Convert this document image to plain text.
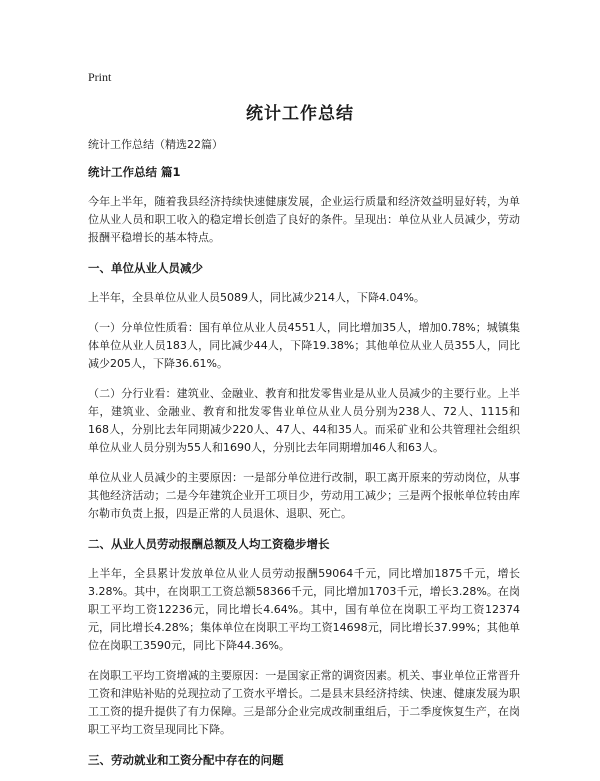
Print
统计工作总结

统计工作总结（精选22篇）

统计工作总结 篇1

今年上半年，随着我县经济持续快速健康发展，企业运行质量和经济效益明显好转，为单位从业人员和职工收入的稳定增长创造了良好的条件。呈现出：单位从业人员减少，劳动报酬平稳增长的基本特点。

一、单位从业人员减少

上半年，全县单位从业人员5089人，同比减少214人，下降4.04%。

（一）分单位性质看：国有单位从业人员4551人，同比增加35人，增加0.78%；城镇集体单位从业人员183人，同比减少44人，下降19.38%；其他单位从业人员355人，同比减少205人，下降36.61%。

（二）分行业看：建筑业、金融业、教育和批发零售业是从业人员减少的主要行业。上半年，建筑业、金融业、教育和批发零售业单位从业人员分别为238人、72人、1115和168人，分别比去年同期减少220人、47人、44和35人。而采矿业和公共管理社会组织单位从业人员分别为55人和1690人，分别比去年同期增加46人和63人。

单位从业人员减少的主要原因：一是部分单位进行改制，职工离开原来的劳动岗位，从事其他经济活动；二是今年建筑企业开工项目少，劳动用工减少；三是两个报帐单位转由库尔勒市负责上报，四是正常的人员退休、退职、死亡。

二、从业人员劳动报酬总额及人均工资稳步增长

上半年，全县累计发放单位从业人员劳动报酬59064千元，同比增加1875千元，增长3.28%。其中，在岗职工工资总额58366千元，同比增加1703千元，增长3.28%。在岗职工平均工资12236元，同比增长4.64%。其中，国有单位在岗职工平均工资12374元，同比增长4.28%；集体单位在岗职工平均工资14698元，同比增长37.99%；其他单位在岗职工3590元，同比下降44.36%。

在岗职工平均工资增减的主要原因：一是国家正常的调资因素。机关、事业单位正常晋升工资和津贴补贴的兑现拉动了工资水平增长。二是县末县经济持续、快速、健康发展为职工工资的提升提供了有力保障。三是部分企业完成改制重组后，于二季度恢复生产，在岗职工平均工资呈现同比下降。

三、劳动就业和工资分配中存在的问题
